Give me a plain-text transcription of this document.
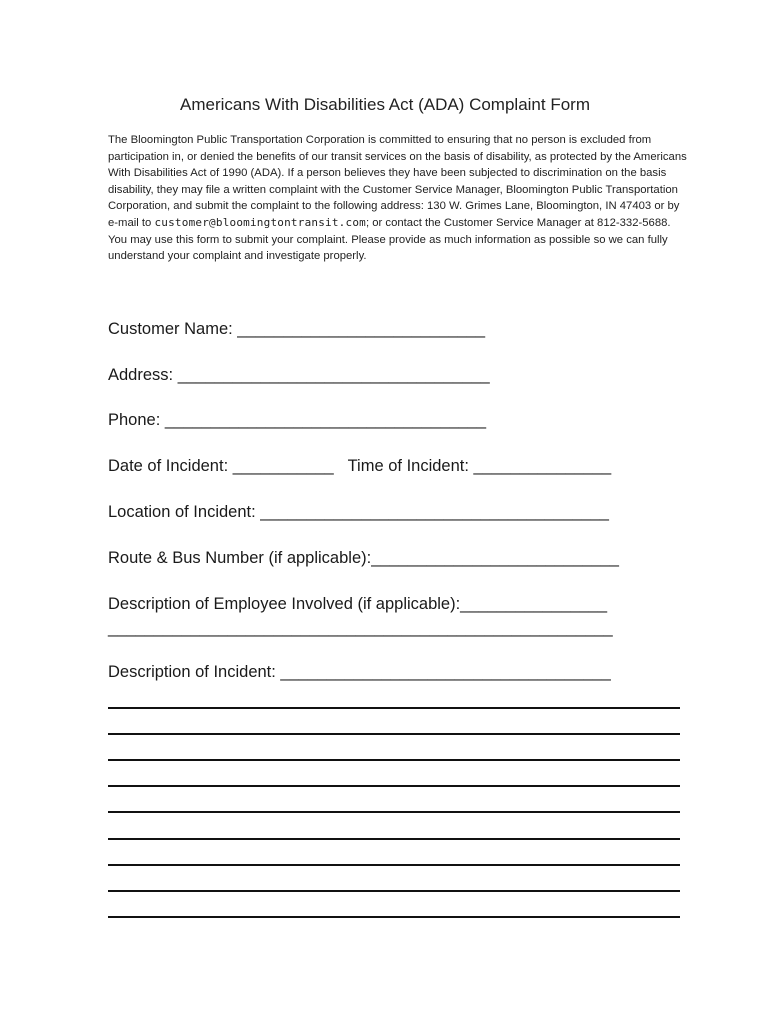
Americans With Disabilities Act (ADA) Complaint Form
The Bloomington Public Transportation Corporation is committed to ensuring that no person is excluded from participation in, or denied the benefits of our transit services on the basis of disability, as protected by the Americans With Disabilities Act of 1990 (ADA). If a person believes they have been subjected to discrimination on the basis disability, they may file a written complaint with the Customer Service Manager, Bloomington Public Transportation Corporation, and submit the complaint to the following address: 130 W. Grimes Lane, Bloomington, IN 47403 or by e-mail to customer@bloomingtontransit.com; or contact the Customer Service Manager at 812-332-5688. You may use this form to submit your complaint. Please provide as much information as possible so we can fully understand your complaint and investigate properly.
Customer Name: ___________________________
Address: __________________________________
Phone: ___________________________________
Date of Incident: ___________ Time of Incident: _______________
Location of Incident: ______________________________________
Route & Bus Number (if applicable):___________________________
Description of Employee Involved (if applicable):________________
_______________________________________________________
Description of Incident: ____________________________________
